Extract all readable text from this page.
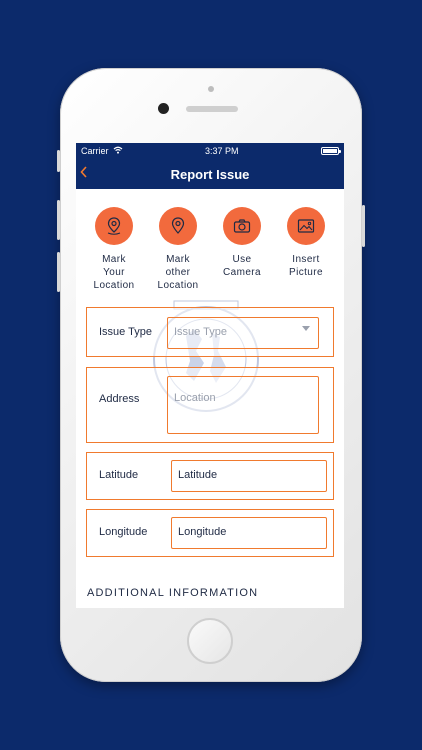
Carrier	3:37 PM
Report Issue
Mark
Your
Location
Mark
other
Location
Use
Camera
Insert
Picture
Issue Type	Issue Type
Address	Location
Latitude	Latitude
Longitude	Longitude
ADDITIONAL INFORMATION
